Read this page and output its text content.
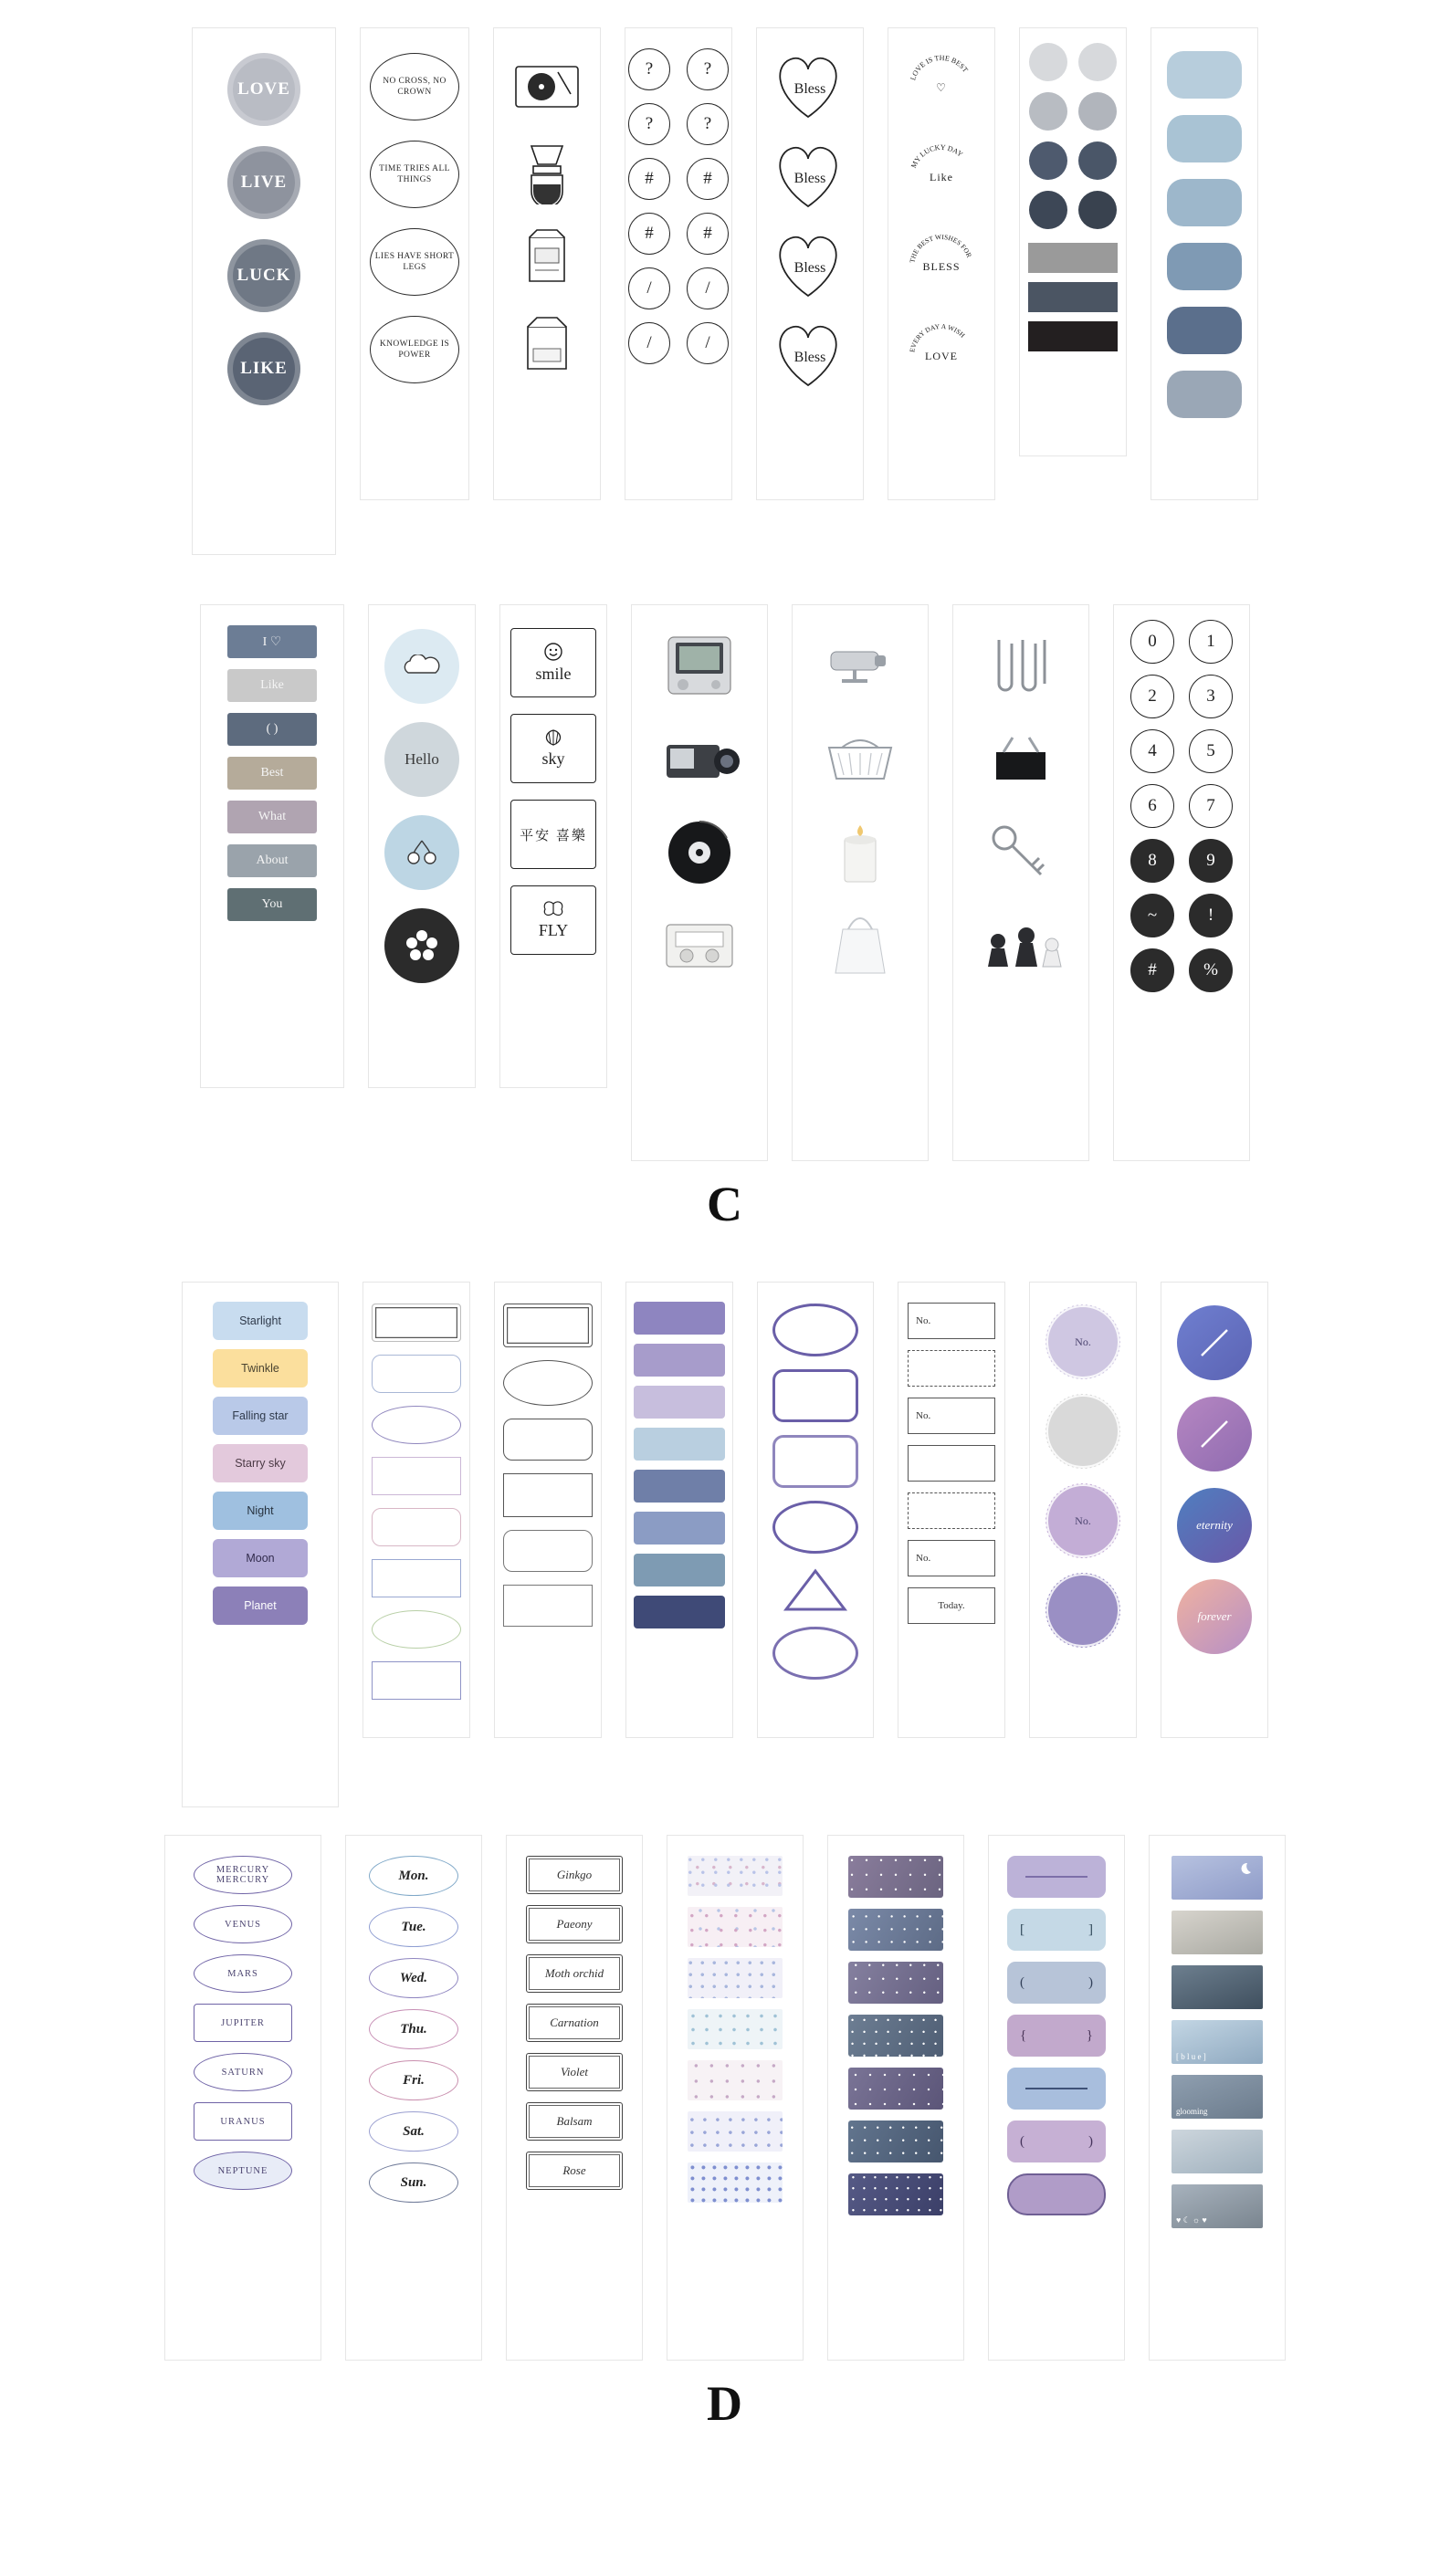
LOVE
LIVE
LUCK
LIKE
NO CROSS, NO CROWN
TIME TRIES ALL THINGS
LIES HAVE SHORT LEGS
KNOWLEDGE IS POWER
?	?
?	?
#	#
#	#
/	/
/	/
Bless
Bless
Bless
Bless
LOVE IS THE BEST
♡
MY LUCKY DAY
Like
THE BEST WISHES FOR
BLESS
EVERY DAY A WISH
LOVE
I ♡
Like
( )
Best
What
About
You
Hello
smile
sky
平安 喜樂
FLY
0	1
2	3
4	5
6	7
8	9
~	!
#	%
C
Starlight
Twinkle
Falling star
Starry sky
Night
Moon
Planet
No.
No.
No.
Today.
No.
No.	eternity
forever
MERCURY MERCURY
VENUS
MARS
JUPITER
SATURN
URANUS
NEPTUNE
Mon.
Tue.
Wed.
Thu.
Fri.
Sat.
Sun.
Ginkgo
Paeony
Moth orchid
Carnation
Violet
Balsam
Rose
[	]
(	)
{	}
(	)
[ b l u e ]
glooming
♥ ☾ ☼ ♥
D
